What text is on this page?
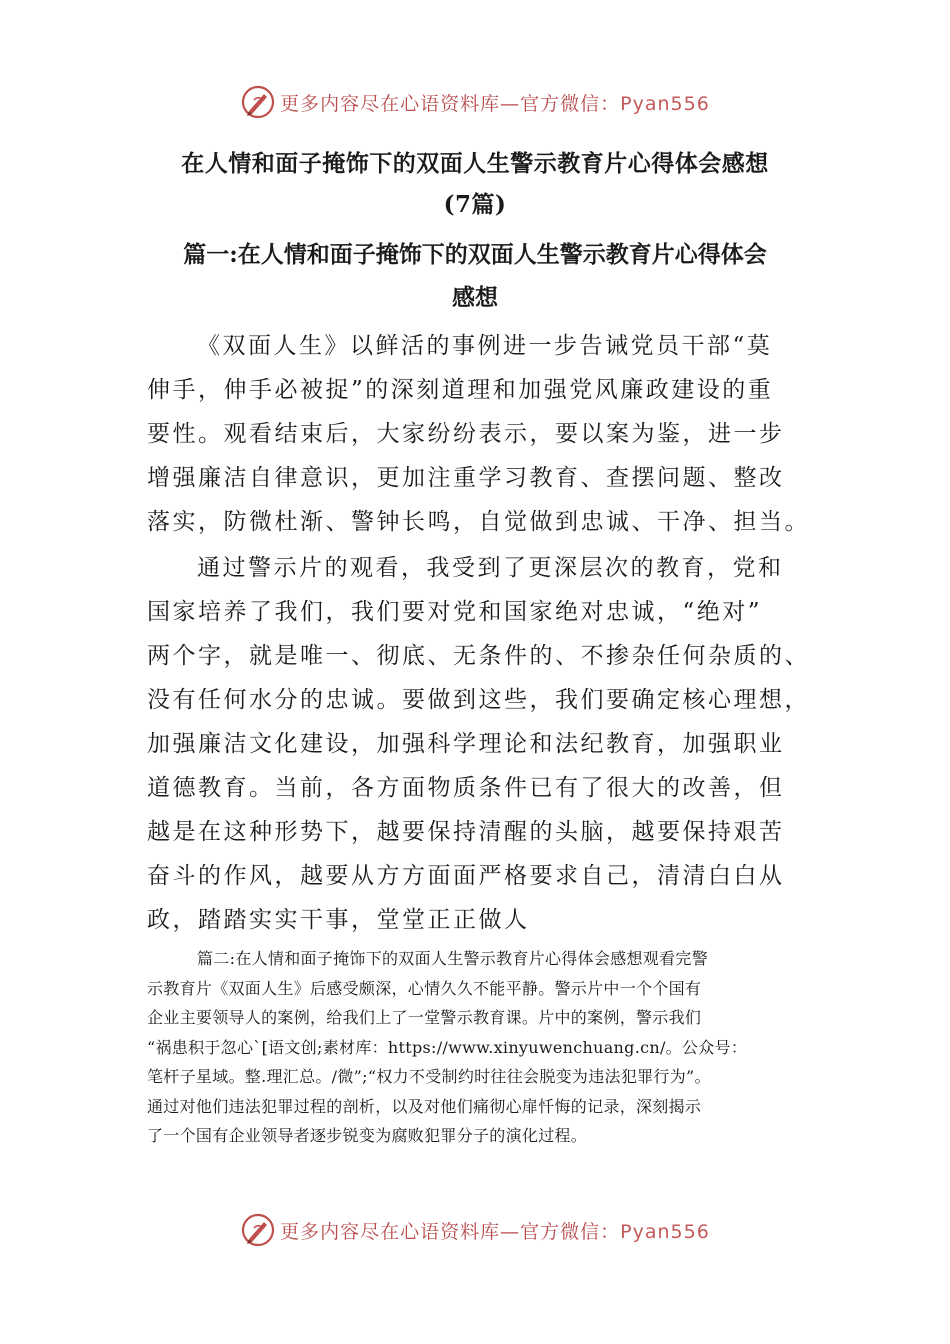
更多内容尽在心语资料库—官方微信：Pyan556
在人情和面子掩饰下的双面人生警示教育片心得体会感想
(7篇)
篇一:在人情和面子掩饰下的双面人生警示教育片心得体会
感想
《双面人生》以鲜活的事例进一步告诫党员干部“莫
伸手，伸手必被捉”的深刻道理和加强党风廉政建设的重
要性。观看结束后，大家纷纷表示，要以案为鉴，进一步
增强廉洁自律意识，更加注重学习教育、查摆问题、整改
落实，防微杜渐、警钟长鸣，自觉做到忠诚、干净、担当。
通过警示片的观看，我受到了更深层次的教育，党和
国家培养了我们，我们要对党和国家绝对忠诚，“绝对”
两个字，就是唯一、彻底、无条件的、不掺杂任何杂质的、
没有任何水分的忠诚。要做到这些，我们要确定核心理想，
加强廉洁文化建设，加强科学理论和法纪教育，加强职业
道德教育。当前，各方面物质条件已有了很大的改善，但
越是在这种形势下，越要保持清醒的头脑，越要保持艰苦
奋斗的作风，越要从方方面面严格要求自己，清清白白从
政，踏踏实实干事，堂堂正正做人
篇二:在人情和面子掩饰下的双面人生警示教育片心得体会感想观看完警
示教育片《双面人生》后感受颇深，心情久久不能平静。警示片中一个个国有
企业主要领导人的案例，给我们上了一堂警示教育课。片中的案例，警示我们
“祸患积于忽心`[语文创;素材库：https://www.xinyuwenchuang.cn/。公众号：
笔杆子星域。整.理汇总。/微”;“权力不受制约时往往会脱变为违法犯罪行为”。
通过对他们违法犯罪过程的剖析，以及对他们痛彻心扉忏悔的记录，深刻揭示
了一个国有企业领导者逐步锐变为腐败犯罪分子的演化过程。
更多内容尽在心语资料库—官方微信：Pyan556
